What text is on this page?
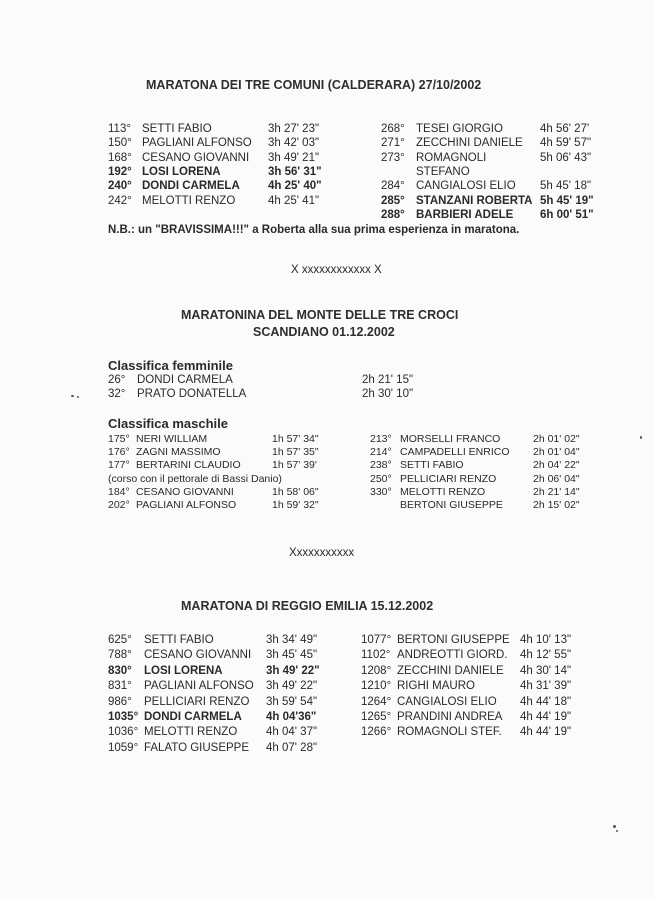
MARATONA DEI TRE COMUNI (CALDERARA) 27/10/2002
113° SETTI FABIO	3h 27' 23"
150° PAGLIANI ALFONSO 3h 42' 03"
168° CESANO GIOVANNI 3h 49' 21"
192° LOSI LORENA	3h 56' 31"
240° DONDI CARMELA 4h 25' 40"
242° MELOTTI RENZO	4h 25' 41"
268° TESEI GIORGIO	4h 56' 27'
271° ZECCHINI DANIELE 4h 59' 57"
273° ROMAGNOLI	5h 06' 43"
STEFANO
284° CANGIALOSI ELIO 5h 45' 18"
285° STANZANI ROBERTA 5h 45' 19"
288° BARBIERI ADELE 6h 00' 51"
N.B.: un "BRAVISSIMA!!!" a Roberta alla sua prima esperienza in maratona.
X xxxxxxxxxxxx X
MARATONINA DEL MONTE DELLE TRE CROCI
SCANDIANO 01.12.2002
Classifica femminile
26° DONDI CARMELA	2h 21' 15"
32° PRATO DONATELLA	2h 30' 10"
Classifica maschile
175° NERI WILLIAM	1h 57' 34"
176° ZAGNI MASSIMO	1h 57' 35"
177° BERTARINI CLAUDIO	1h 57' 39'
(corso con il pettorale di Bassi Danio)
184° CESANO GIOVANNI	1h 58' 06"
202° PAGLIANI ALFONSO	1h 59' 32"
213° MORSELLI FRANCO	2h 01' 02"
214° CAMPADELLI ENRICO 2h 01' 04"
238° SETTI FABIO	2h 04' 22"
250° PELLICIARI RENZO	2h 06' 04"
330° MELOTTI RENZO	2h 21' 14"
BERTONI GIUSEPPE	2h 15' 02"
Xxxxxxxxxxx
MARATONA DI REGGIO EMILIA 15.12.2002
625° SETTI FABIO	3h 34' 49"
788° CESANO GIOVANNI 3h 45' 45"
830° LOSI LORENA	3h 49' 22"
831° PAGLIANI ALFONSO 3h 49' 22"
986° PELLICIARI RENZO 3h 59' 54"
1035° DONDI CARMELA 4h 04'36"
1036° MELOTTI RENZO 4h 04' 37"
1059° FALATO GIUSEPPE 4h 07' 28"
1077° BERTONI GIUSEPPE 4h 10' 13"
1102° ANDREOTTI GIORD. 4h 12' 55"
1208° ZECCHINI DANIELE 4h 30' 14"
1210° RIGHI MAURO	4h 31' 39"
1264° CANGIALOSI ELIO 4h 44' 18"
1265° PRANDINI ANDREA 4h 44' 19"
1266° ROMAGNOLI STEF. 4h 44' 19"
